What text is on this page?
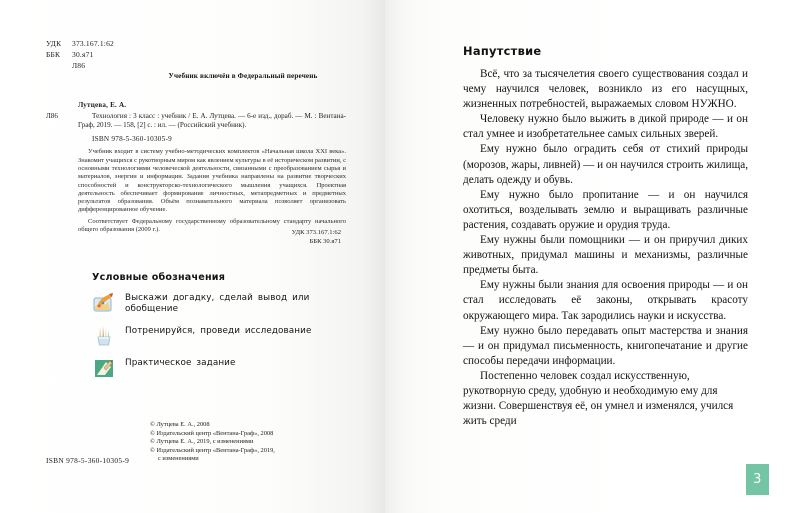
УДК 373.167.1:62
ББК 30.я71
Л86
Учебник включён в Федеральный перечень
Лутцева, Е. А.
Л86	Технология : 3 класс : учебник / Е. А. Лутцева. — 6-е изд., дораб. — М. : Вентана-Граф, 2019. — 158, [2] с. : ил. — (Российский учебник).
ISBN 978-5-360-10305-9

Учебник входит в систему учебно-методических комплектов «Начальная школа XXI века». Знакомит учащихся с рукотворным миром как явлением культуры в её историческом развитии, с основными технологиями человеческой деятельности, связанными с преобразованием сырья и материалов, энергии и информации. Задания учебника направлены на развитие творческих способностей и конструкторско-технологического мышления учащихся. Проектная деятельность обеспечивает формирование личностных, метапредметных и предметных результатов образования. Объём познавательного материала позволяет организовать дифференцированное обучение.

Соответствует Федеральному государственному образовательному стандарту начального общего образования (2009 г.).	УДК 373.167.1:62
ББК 30.я71
Условные обозначения
Выскажи догадку, сделай вывод или обобщение
Потренируйся, проведи исследование
Практическое задание
ISBN 978-5-360-10305-9
© Лутцева Е. А., 2008
© Издательский центр «Вентана-Граф», 2008
© Лутцева Е. А., 2019, с изменениями
© Издательский центр «Вентана-Граф», 2019,
с изменениями
Напутствие

Всё, что за тысячелетия своего существования создал и чему научился человек, возникло из его насущных, жизненных потребностей, выражаемых словом НУЖНО.

Человеку нужно было выжить в дикой природе — и он стал умнее и изобретательнее самых сильных зверей.

Ему нужно было оградить себя от стихий природы (морозов, жары, ливней) — и он научился строить жилища, делать одежду и обувь.

Ему нужно было пропитание — и он научился охотиться, возделывать землю и выращивать различные растения, создавать оружие и орудия труда.

Ему нужны были помощники — и он приручил диких животных, придумал машины и механизмы, различные предметы быта.

Ему нужны были знания для освоения природы — и он стал исследовать её законы, открывать красоту окружающего мира. Так зародились науки и искусства.

Ему нужно было передавать опыт мастерства и знания — и он придумал письменность, книгопечатание и другие способы передачи информации.

Постепенно человек создал искусственную, рукотворную среду, удобную и необходимую ему для жизни. Совершенствуя её, он умнел и изменялся, учился жить среди

3
